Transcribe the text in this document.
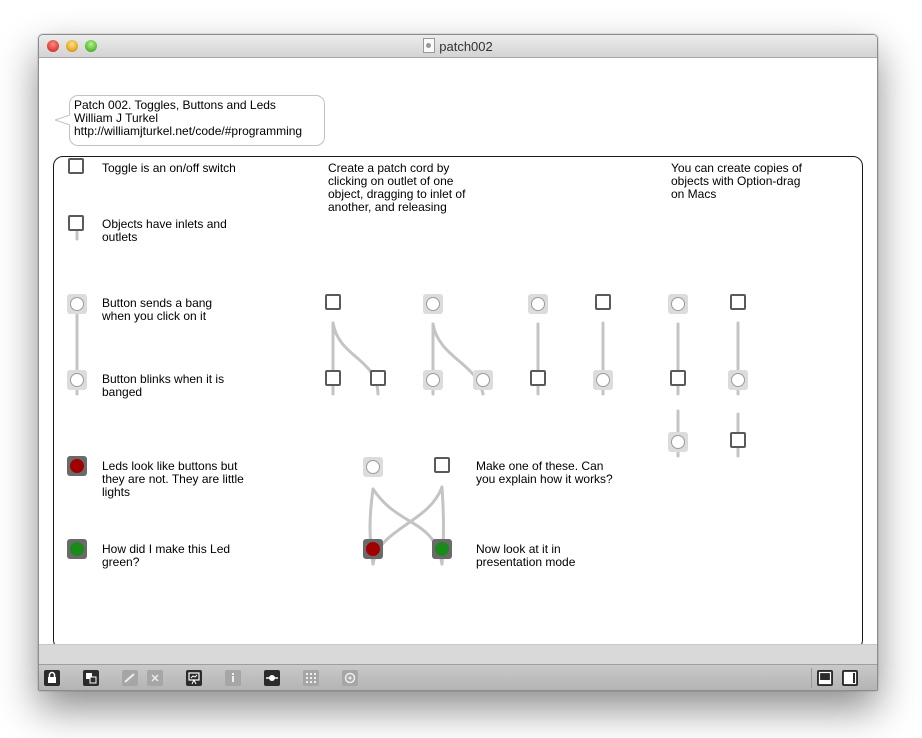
patch002
Patch 002. Toggles, Buttons and Leds
William J Turkel
http://williamjturkel.net/code/#programming
Toggle is an on/off switch
Objects have inlets and
outlets
Button sends a bang
when you click on it
Button blinks when it is
banged
Leds look like buttons but
they are not. They are little
lights
How did I make this Led
green?
Create a patch cord by
clicking on outlet of one
object, dragging to inlet of
another, and releasing
You can create copies of
objects with Option-drag
on Macs
Make one of these. Can
you explain how it works?
Now look at it in
presentation mode
